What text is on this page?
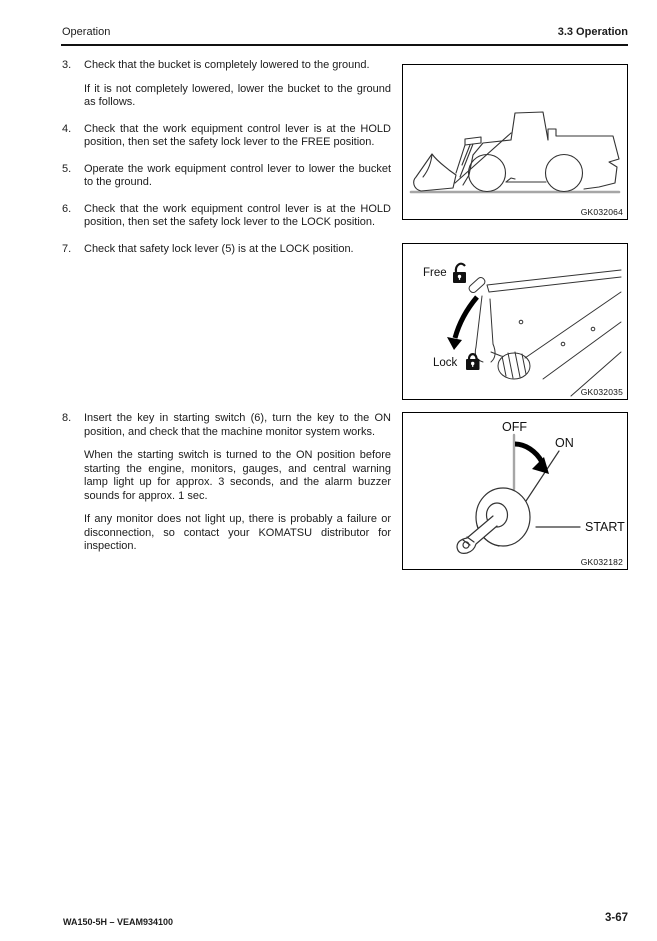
Operation	3.3 Operation
3.	Check that the bucket is completely lowered to the ground.

If it is not completely lowered, lower the bucket to the ground as follows.

4.	Check that the work equipment control lever is at the HOLD position, then set the safety lock lever to the FREE position.

5.	Operate the work equipment control lever to lower the bucket to the ground.

6.	Check that the work equipment control lever is at the HOLD position, then set the safety lock lever to the LOCK position.

7.	Check that safety lock lever (5) is at the LOCK position.

8.	Insert the key in starting switch (6), turn the key to the ON position, and check that the machine monitor system works.

When the starting switch is turned to the ON position before starting the engine, monitors, gauges, and central warning lamp light up for approx. 3 seconds, and the alarm buzzer sounds for approx. 1 sec.

If any monitor does not light up, there is probably a failure or disconnection, so contact your KOMATSU distributor for inspection.

GK032064
Free
Lock
GK032035
OFF
ON
START
GK032182
WA150-5H – VEAM934100	3-67
